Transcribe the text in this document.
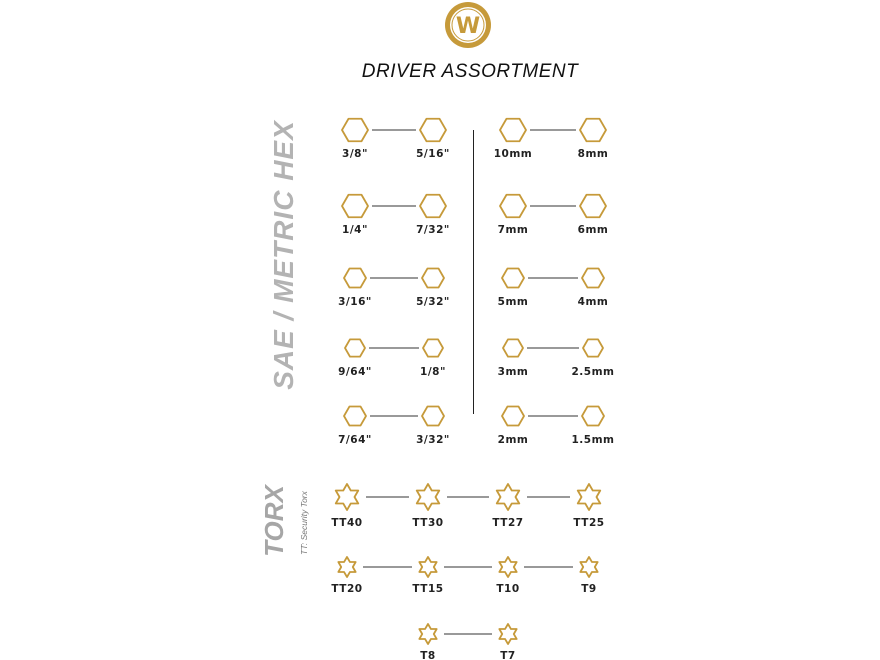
W
DRIVER ASSORTMENT
SAE / METRIC HEX
TORX TT: Security Torx
3/8"	5/16"
1/4"	7/32"
3/16"	5/32"
9/64"	1/8"
7/64"	3/32"
10mm	8mm
7mm	6mm
5mm	4mm
3mm	2.5mm
2mm	1.5mm
TT40	TT30	TT27	TT25
TT20	TT15	T10	T9
T8	T7
